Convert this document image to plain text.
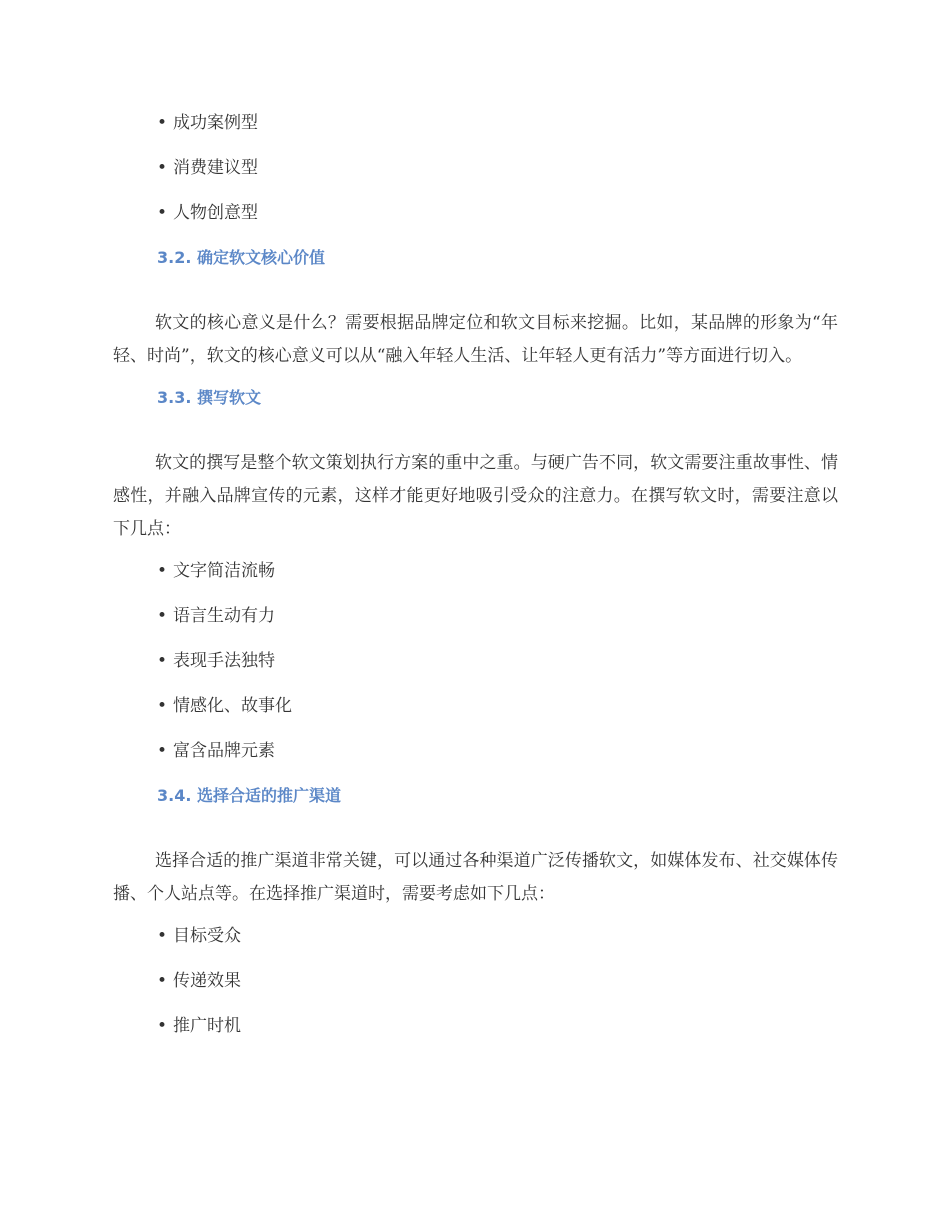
• 成功案例型
• 消费建议型
• 人物创意型
3.2. 确定软文核心价值

软文的核心意义是什么？需要根据品牌定位和软文目标来挖掘。比如，某品牌的形象为“年轻、时尚”，软文的核心意义可以从“融入年轻人生活、让年轻人更有活力”等方面进行切入。

3.3. 撰写软文

软文的撰写是整个软文策划执行方案的重中之重。与硬广告不同，软文需要注重故事性、情感性，并融入品牌宣传的元素，这样才能更好地吸引受众的注意力。在撰写软文时，需要注意以下几点：

• 文字简洁流畅
• 语言生动有力
• 表现手法独特
• 情感化、故事化
• 富含品牌元素
3.4. 选择合适的推广渠道

选择合适的推广渠道非常关键，可以通过各种渠道广泛传播软文，如媒体发布、社交媒体传播、个人站点等。在选择推广渠道时，需要考虑如下几点：

• 目标受众
• 传递效果
• 推广时机
